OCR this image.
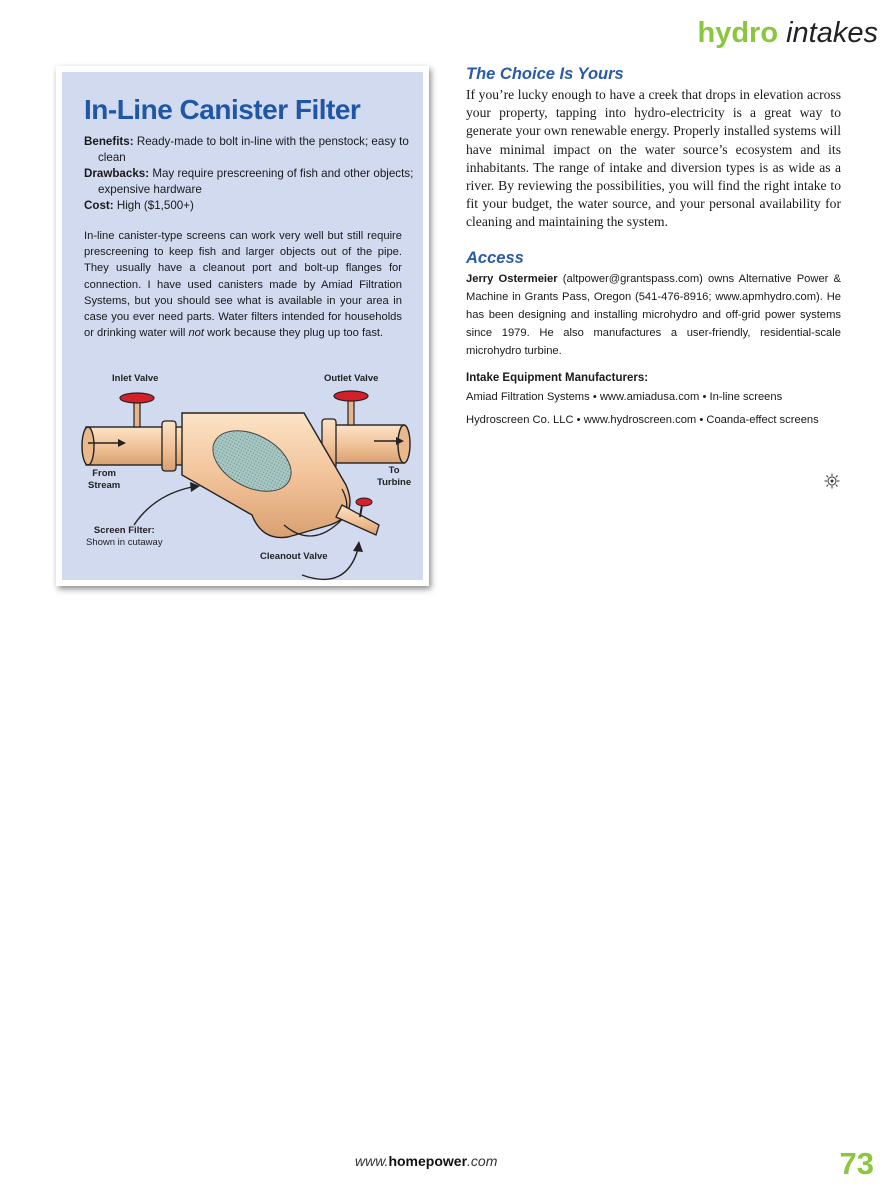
hydro intakes
In-Line Canister Filter
Benefits: Ready-made to bolt in-line with the penstock; easy to clean
Drawbacks: May require prescreening of fish and other objects; expensive hardware
Cost: High ($1,500+)
In-line canister-type screens can work very well but still require prescreening to keep fish and larger objects out of the pipe. They usually have a cleanout port and bolt-up flanges for connection. I have used canisters made by Amiad Filtration Systems, but you should see what is available in your area in case you ever need parts. Water filters intended for households or drinking water will not work because they plug up too fast.
Inlet Valve	Outlet Valve
From
Stream
To
Turbine
Screen Filter:
Shown in cutaway
Cleanout Valve
The Choice Is Yours

If you’re lucky enough to have a creek that drops in elevation across your property, tapping into hydro-electricity is a great way to generate your own renewable energy. Properly installed systems will have minimal impact on the water source’s ecosystem and its inhabitants. The range of intake and diversion types is as wide as a river. By reviewing the possibilities, you will find the right intake to fit your budget, the water source, and your personal availability for cleaning and maintaining the system.

Access

Jerry Ostermeier (altpower@grantspass.com) owns Alternative Power & Machine in Grants Pass, Oregon (541-476-8916; www.apmhydro.com). He has been designing and installing microhydro and off-grid power systems since 1979. He also manufactures a user-friendly, residential-scale microhydro turbine.

Intake Equipment Manufacturers:

Amiad Filtration Systems • www.amiadusa.com • In-line screens

Hydroscreen Co. LLC • www.hydroscreen.com • Coanda-effect screens

www.homepower.com	73
